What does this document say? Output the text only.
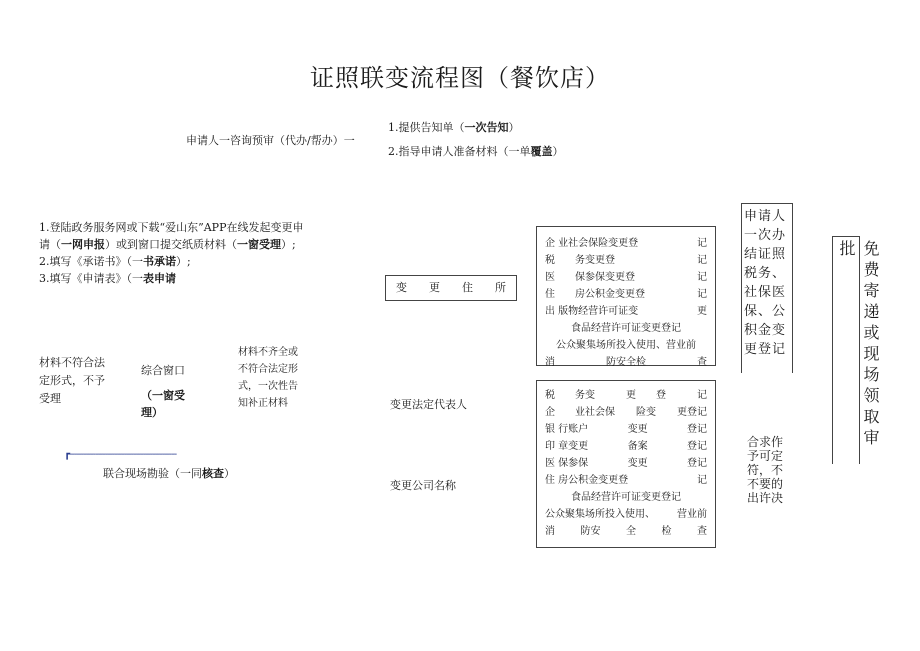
证照联变流程图（餐饮店）
申请人一咨询预审（代办/帮办）一
1.提供告知单（一次告知）
2.指导申请人准备材料（一单覆盖）
1.登陆政务服务网或下载“爱山东”APP在线发起变更申
请（一网申报）或到窗口提交纸质材料（一窗受理）;
2.填写《承诺书》（一书承诺）;
3.填写《申请表》（一表申请
材料不符合法定形式，不予受理
综合窗口
（一窗受
理）
材料不齐全或不符合法定形式，一次性告知补正材料
┏---------------------------------------------
联合现场勘验（一同核查）
变　　更　　住　　所
变更法定代表人
变更公司名称
企 业社会保险变更登	记
税　　务变更登	记
医　　保参保变更登	记
住　　房公积金变更登	记
出 版物经营许可证变	更
食品经营许可证变更登记
公众聚集场所投入使用、营业前
消	防安全检	查
税　　务变	更　　登	记
企　　业社会保 险变 更登记
银 行账户	变更	登记
印 章变更	备案	登记
医 保参保	变更	登记
住 房公积金变更登	记
食品经营许可证变更登记
公众聚集场所投入使用、 营业前
消	防安	全	检	查
申请人一次办结证照税务、社保医保、公积金变更登记
合求作予可定符，不不要的出许决
免费寄递或现场领取审批
